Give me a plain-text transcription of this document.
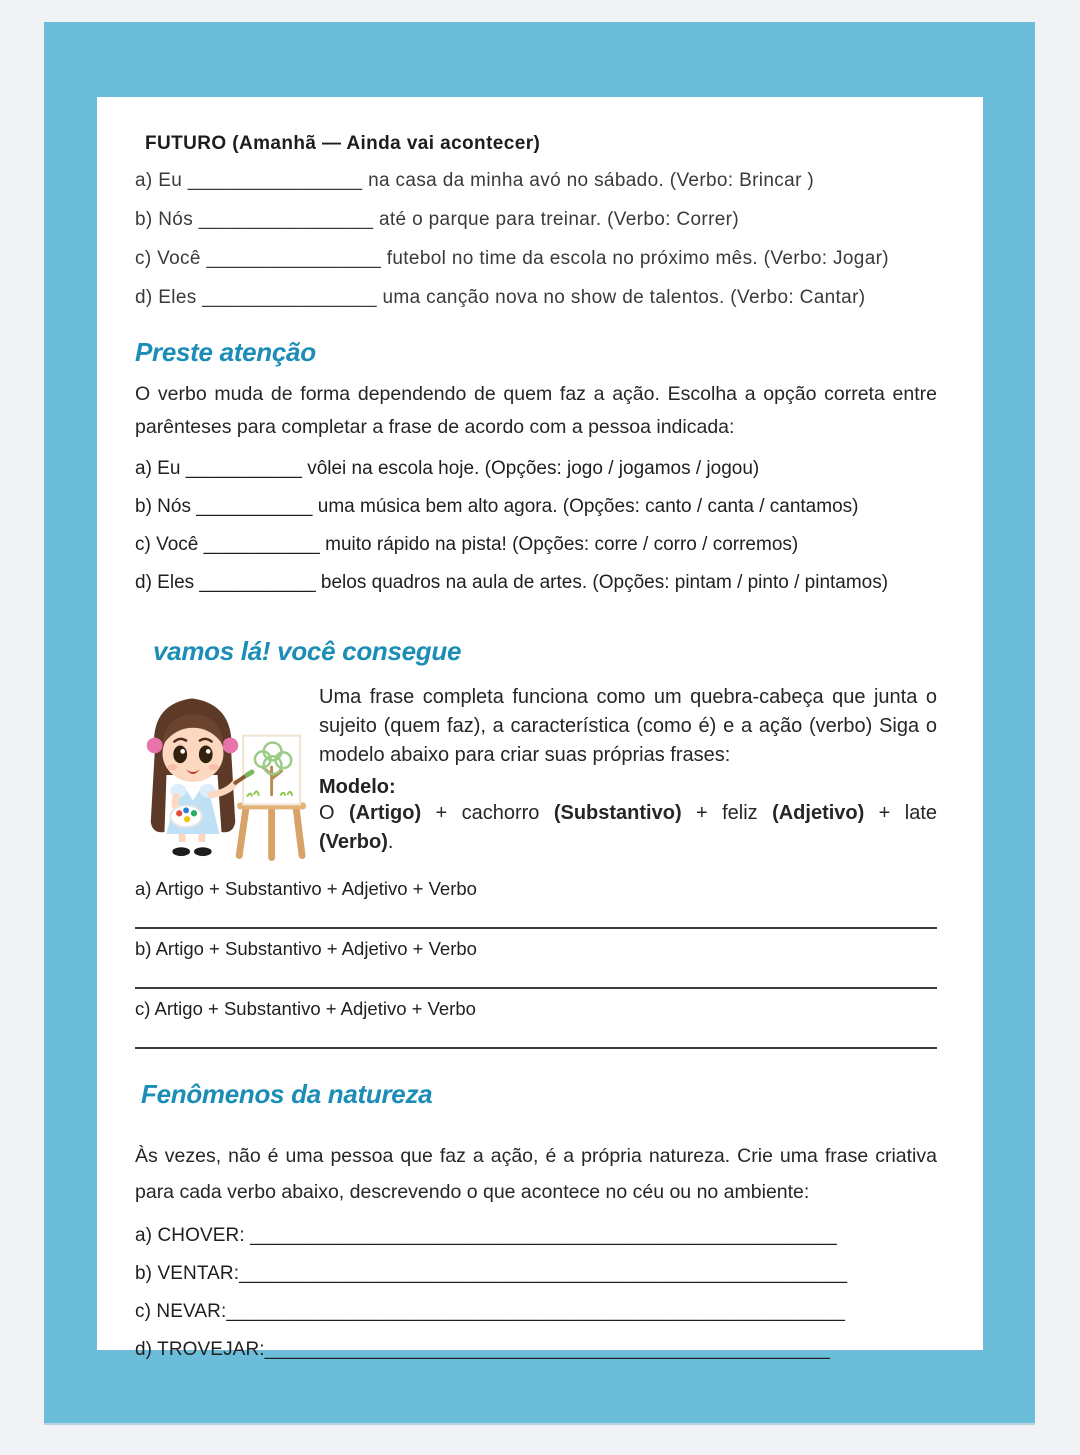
FUTURO (Amanhã — Ainda vai acontecer)
a) Eu ________________ na casa da minha avó no sábado. (Verbo: Brincar )
b) Nós ________________ até o parque para treinar. (Verbo: Correr)
c) Você ________________ futebol no time da escola no próximo mês. (Verbo: Jogar)
d) Eles ________________ uma canção nova no show de talentos. (Verbo: Cantar)
Preste atenção

O verbo muda de forma dependendo de quem faz a ação. Escolha a opção correta entre parênteses para completar a frase de acordo com a pessoa indicada:

a) Eu ___________ vôlei na escola hoje. (Opções: jogo / jogamos / jogou)
b) Nós ___________ uma música bem alto agora. (Opções: canto / canta / cantamos)
c) Você ___________ muito rápido na pista! (Opções: corre / corro / corremos)
d) Eles ___________ belos quadros na aula de artes. (Opções: pintam / pinto / pintamos)
vamos lá! você consegue

Uma frase completa funciona como um quebra-cabeça que junta o sujeito (quem faz), a característica (como é) e a ação (verbo) Siga o modelo abaixo para criar suas próprias frases:

Modelo:

O (Artigo) + cachorro (Substantivo) + feliz (Adjetivo) + late (Verbo).

a) Artigo + Substantivo + Adjetivo + Verbo
b) Artigo + Substantivo + Adjetivo + Verbo
c) Artigo + Substantivo + Adjetivo + Verbo
Fenômenos da natureza

Às vezes, não é uma pessoa que faz a ação, é a própria natureza. Crie uma frase criativa para cada verbo abaixo, descrevendo o que acontece no céu ou no ambiente:

a) CHOVER: _______________________________________________________
b) VENTAR:_________________________________________________________
c) NEVAR:__________________________________________________________
d) TROVEJAR:_____________________________________________________
